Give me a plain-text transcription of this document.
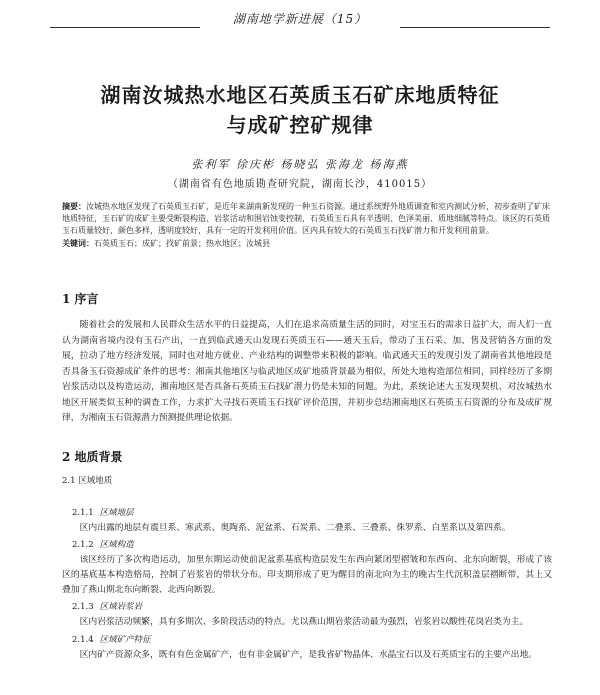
湖南地学新进展（15）
湖南汝城热水地区石英质玉石矿床地质特征
与成矿控矿规律
张利军 徐庆彬 杨晓弘 张海龙 杨海燕
（湖南省有色地质勘查研究院，湖南长沙，410015）

摘要：汝城热水地区发现了石英质玉石矿，是近年来湖南新发现的一种玉石资源。通过系统野外地质调查和室内测试分析，初步查明了矿床地质特征，玉石矿的成矿主要受断裂构造、岩浆活动和围岩蚀变控制，石英质玉石具有半透明、色泽美丽、质地细腻等特点。该区的石英质玉石质量较好，颜色多样，透明度较好，具有一定的开发利用价值。区内具有较大的石英质玉石找矿潜力和开发利用前景。

关键词：石英质玉石；成矿；找矿前景；热水地区；汝城县

1 序言

随着社会的发展和人民群众生活水平的日益提高，人们在追求高质量生活的同时，对宝玉石的需求日益扩大，而人们一直认为湖南省境内没有玉石产出，一直到临武通天山发现石英质玉石——通天玉后，带动了玉石采、加、售及营销各方面的发展，拉动了地方经济发展，同时也对地方就业、产业结构的调整带来积极的影响。临武通天玉的发现引发了湖南省其他地段是否具备玉石资源成矿条件的思考：湘南其他地区与临武地区成矿地质背景最为相似，所处大地构造部位相同，同样经历了多期岩浆活动以及构造运动，湘南地区是否具备石英质玉石找矿潜力仍是未知的问题。为此，系统论述大玉发现契机、对汝城热水地区开展类似玉种的调查工作，力求扩大寻找石英质玉石找矿评价范围，并初步总结湘南地区石英质玉石资源的分布及成矿规律，为湘南玉石资源潜力预测提供理论依据。

2 地质背景
2.1 区域地质
2.1.1 区域地层

区内出露的地层有震旦系、寒武系、奥陶系、泥盆系、石炭系、二叠系、三叠系、侏罗系、白垩系以及第四系。

2.1.2 区域构造

该区经历了多次构造运动，加里东期运动使前泥盆系基底构造层发生东西向紧闭型褶皱和东西向、北东向断裂，形成了该区的基底基本构造格局，控制了岩浆岩的带状分布。印支期形成了更为醒目的南北向为主的晚古生代沉积盖层褶断带，其上又叠加了燕山期北东向断裂、北西向断裂。

2.1.3 区域岩浆岩

区内岩浆活动频繁，具有多期次、多阶段活动的特点。尤以燕山期岩浆活动最为强烈，岩浆岩以酸性花岗岩类为主。

2.1.4 区域矿产特征

区内矿产资源众多，既有有色金属矿产，也有非金属矿产，是我省矿物晶体、水晶宝石以及石英质宝石的主要产出地。
